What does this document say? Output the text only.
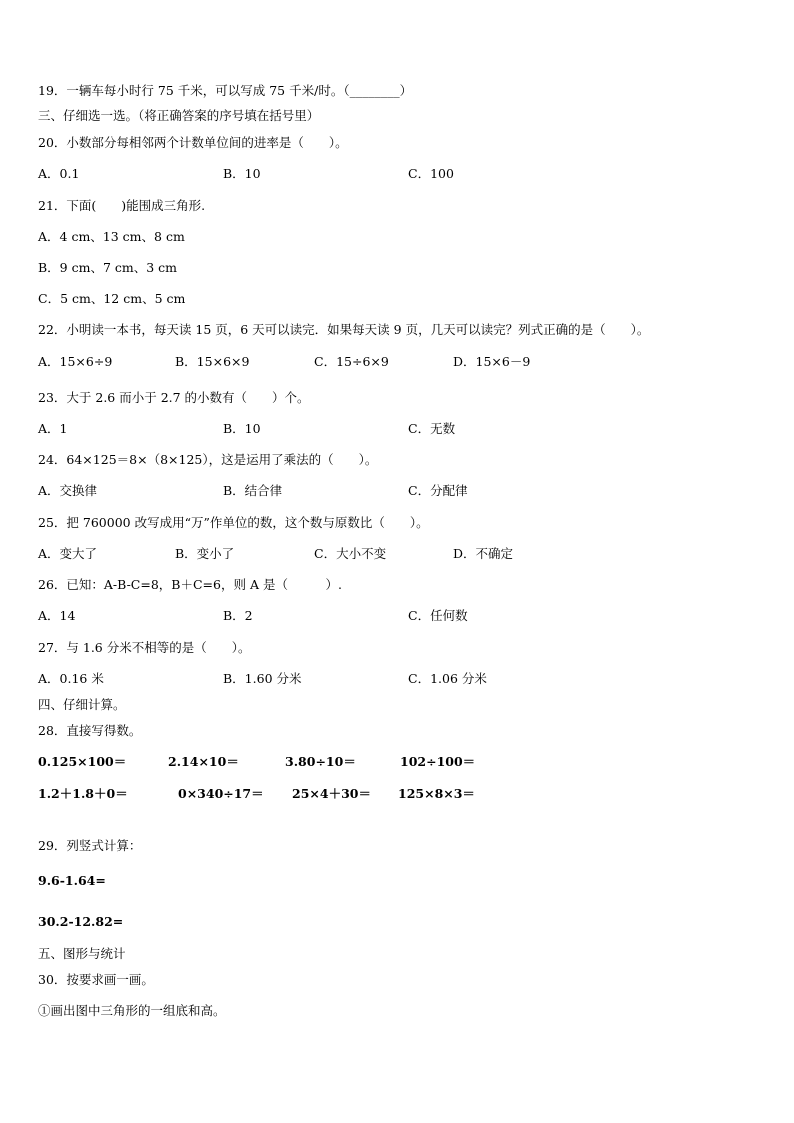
19．一辆车每小时行 75 千米，可以写成 75 千米/时。（________）
三、仔细选一选。（将正确答案的序号填在括号里）
20．小数部分每相邻两个计数单位间的进率是（　　）。
A．0.1	B．10	C．100
21．下面(　　)能围成三角形.
A．4 cm、13 cm、8 cm
B．9 cm、7 cm、3 cm
C．5 cm、12 cm、5 cm
22．小明读一本书，每天读 15 页，6 天可以读完．如果每天读 9 页，几天可以读完？列式正确的是（　　）。
A．15×6÷9	B．15×6×9	C．15÷6×9	D．15×6－9
23．大于 2.6 而小于 2.7 的小数有（　　）个。
A．1	B．10	C．无数
24．64×125＝8×（8×125），这是运用了乘法的（　　）。
A．交换律	B．结合律	C．分配律
25．把 760000 改写成用“万”作单位的数，这个数与原数比（　　）。
A．变大了	B．变小了	C．大小不变	D．不确定
26．已知：A-B-C=8，B＋C=6，则 A 是（　　　）.
A．14	B．2	C．任何数
27．与 1.6 分米不相等的是（　　）。
A．0.16 米	B．1.60 分米	C．1.06 分米
四、仔细计算。
28．直接写得数。
0.125×100＝	2.14×10＝	3.80÷10＝	102÷100＝
1.2＋1.8＋0＝	0×340÷17＝ 25×4＋30＝ 125×8×3＝
29．列竖式计算：
9.6-1.64=
30.2-12.82=
五、图形与统计
30．按要求画一画。
①画出图中三角形的一组底和高。
